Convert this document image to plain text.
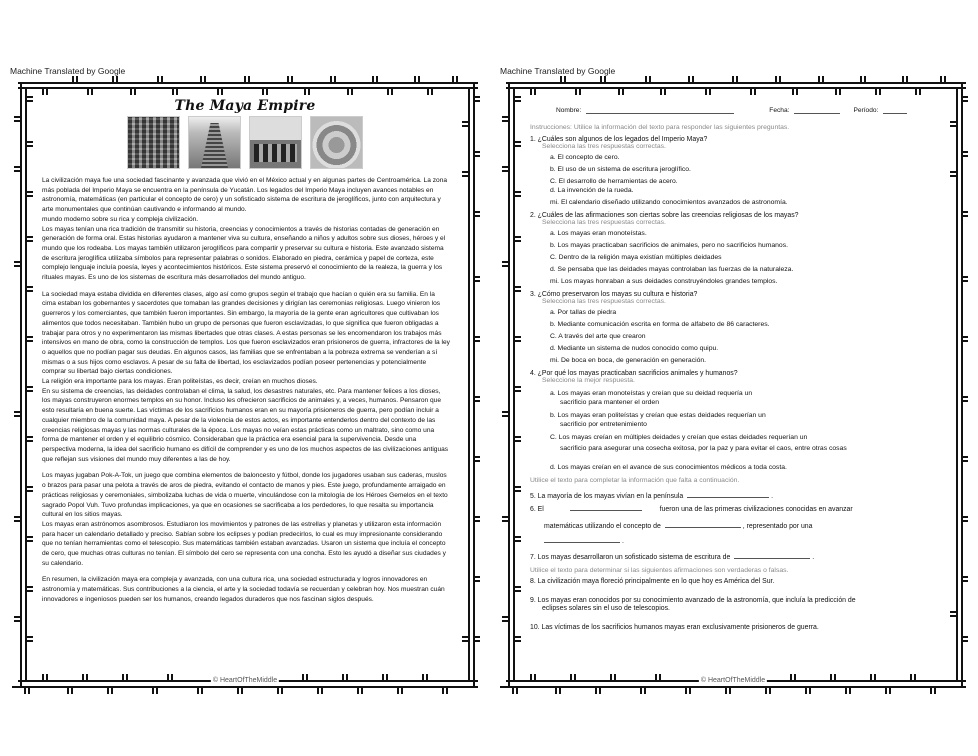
Machine Translated by Google
The Maya Empire

La civilización maya fue una sociedad fascinante y avanzada que vivió en el México actual y en algunas partes de Centroamérica. La zona más poblada del Imperio Maya se encuentra en la península de Yucatán. Los legados del Imperio Maya incluyen avances notables en astronomía, matemáticas (en particular el concepto de cero) y un sofisticado sistema de escritura de jeroglíficos, junto con arquitectura y arte monumentales que continúan cautivando e informando al mundo.

mundo moderno sobre su rica y compleja civilización.

Los mayas tenían una rica tradición de transmitir su historia, creencias y conocimientos a través de historias contadas de generación en generación de forma oral. Estas historias ayudaron a mantener viva su cultura, enseñando a niños y adultos sobre sus dioses, héroes y el mundo que los rodeaba. Los mayas también utilizaron jeroglíficos para compartir y preservar su cultura e historia. Este avanzado sistema de escritura jeroglífica utilizaba símbolos para representar palabras o sonidos. Elaborado en piedra, cerámica y papel de corteza, este complejo lenguaje incluía poesía, leyes y acontecimientos históricos. Este sistema preservó el conocimiento de la realeza, la guerra y los rituales mayas. Es uno de los sistemas de escritura más desarrollados del mundo antiguo.

La sociedad maya estaba dividida en diferentes clases, algo así como grupos según el trabajo que hacían o quién era su familia. En la cima estaban los gobernantes y sacerdotes que tomaban las grandes decisiones y dirigían las ceremonias religiosas. Luego vinieron los guerreros y los comerciantes, que también fueron importantes. Sin embargo, la mayoría de la gente eran agricultores que cultivaban los alimentos que todos necesitaban. También hubo un grupo de personas que fueron esclavizadas, lo que significa que fueron obligadas a trabajar para otros y no experimentaron las mismas libertades que otras clases. A estas personas se les encomendaron los trabajos más intensivos en mano de obra, como la construcción de templos. Los que fueron esclavizados eran prisioneros de guerra, infractores de la ley o aquellos que no podían pagar sus deudas. En algunos casos, las familias que se enfrentaban a la pobreza extrema se venderían a sí mismas o a sus hijos como esclavos. A pesar de su falta de libertad, los esclavizados podían poseer pertenencias y potencialmente comprar su libertad bajo ciertas condiciones.

La religión era importante para los mayas. Eran politeístas, es decir, creían en muchos dioses.

En su sistema de creencias, las deidades controlaban el clima, la salud, los desastres naturales, etc. Para mantener felices a los dioses, los mayas construyeron enormes templos en su honor. Incluso les ofrecieron sacrificios de animales y, a veces, humanos. Pensaron que esto resultaría en buena suerte. Las víctimas de los sacrificios humanos eran en su mayoría prisioneros de guerra, pero podían incluir a cualquier miembro de la comunidad maya. A pesar de la violencia de estos actos, es importante entenderlos dentro del contexto de las creencias religiosas mayas y las normas culturales de la época. Los mayas no veían estas prácticas como un maltrato, sino como una forma de mantener el orden y el equilibrio cósmico. Consideraban que la práctica era esencial para la supervivencia. Desde una perspectiva moderna, la idea del sacrificio humano es difícil de comprender y es uno de los muchos aspectos de las civilizaciones antiguas que reflejan sus visiones del mundo muy diferentes a las de hoy.

Los mayas jugaban Pok-A-Tok, un juego que combina elementos de baloncesto y fútbol, donde los jugadores usaban sus caderas, muslos o brazos para pasar una pelota a través de aros de piedra, evitando el contacto de manos y pies. Este juego, profundamente arraigado en prácticas religiosas y ceremoniales, simbolizaba luchas de vida o muerte, vinculándose con la mitología de los Héroes Gemelos en el texto sagrado Popol Vuh. Tuvo profundas implicaciones, ya que en ocasiones se sacrificaba a los perdedores, lo que resalta su importancia cultural en los sitios mayas.

Los mayas eran astrónomos asombrosos. Estudiaron los movimientos y patrones de las estrellas y planetas y utilizaron esta información para hacer un calendario detallado y preciso. Sabían sobre los eclipses y podían predecirlos, lo cual es muy impresionante considerando que no tenían herramientas como el telescopio. Sus matemáticas también estaban avanzadas. Usaron un sistema que incluía el concepto de cero, que muchas otras culturas no tenían. El símbolo del cero se representa con una concha. Esto les ayudó a diseñar sus ciudades y su calendario.

En resumen, la civilización maya era compleja y avanzada, con una cultura rica, una sociedad estructurada y logros innovadores en astronomía y matemáticas. Sus contribuciones a la ciencia, el arte y la sociedad todavía se recuerdan y celebran hoy. Nos muestran cuán innovadores e ingeniosos pueden ser los humanos, creando legados duraderos que nos fascinan siglos después.

© HeartOfTheMiddle
Machine Translated by Google
Nombre:	Fecha:	Período:
Instrucciones: Utilice la información del texto para responder las siguientes preguntas.
1. ¿Cuáles son algunos de los legados del Imperio Maya?
Selecciona las tres respuestas correctas.
a. El concepto de cero.
b. El uso de un sistema de escritura jeroglífico.
C. El desarrollo de herramientas de acero.
d. La invención de la rueda.
mi. El calendario diseñado utilizando conocimientos avanzados de astronomía.
2. ¿Cuáles de las afirmaciones son ciertas sobre las creencias religiosas de los mayas?
Selecciona las tres respuestas correctas.
a. Los mayas eran monoteístas.
b. Los mayas practicaban sacrificios de animales, pero no sacrificios humanos.
C. Dentro de la religión maya existían múltiples deidades
d. Se pensaba que las deidades mayas controlaban las fuerzas de la naturaleza.
mi. Los mayas honraban a sus deidades construyéndoles grandes templos.
3. ¿Cómo preservaron los mayas su cultura e historia?
Selecciona las tres respuestas correctas.
a. Por tallas de piedra
b. Mediante comunicación escrita en forma de alfabeto de 86 caracteres.
C. A través del arte que crearon
d. Mediante un sistema de nudos conocido como quipu.
mi. De boca en boca, de generación en generación.
4. ¿Por qué los mayas practicaban sacrificios animales y humanos?
Seleccione la mejor respuesta.
a. Los mayas eran monoteístas y creían que su deidad requería un
sacrificio para mantener el orden
b. Los mayas eran politeístas y creían que estas deidades requerían un
sacrificio por entretenimiento
C. Los mayas creían en múltiples deidades y creían que estas deidades requerían un
sacrificio para asegurar una cosecha exitosa, por la paz y para evitar el caos, entre otras cosas
d. Los mayas creían en el avance de sus conocimientos médicos a toda costa.
Utilice el texto para completar la información que falta a continuación.
5. La mayoría de los mayas vivían en la península	.
6. El	fueron una de las primeras civilizaciones conocidas en avanzar
matemáticas utilizando el concepto de	, representado por una
.
7. Los mayas desarrollaron un sofisticado sistema de escritura de	.
Utilice el texto para determinar si las siguientes afirmaciones son verdaderas o falsas.
8. La civilización maya floreció principalmente en lo que hoy es América del Sur.
9. Los mayas eran conocidos por su conocimiento avanzado de la astronomía, que incluía la predicción de
eclipses solares sin el uso de telescopios.
10. Las víctimas de los sacrificios humanos mayas eran exclusivamente prisioneros de guerra.
© HeartOfTheMiddle
